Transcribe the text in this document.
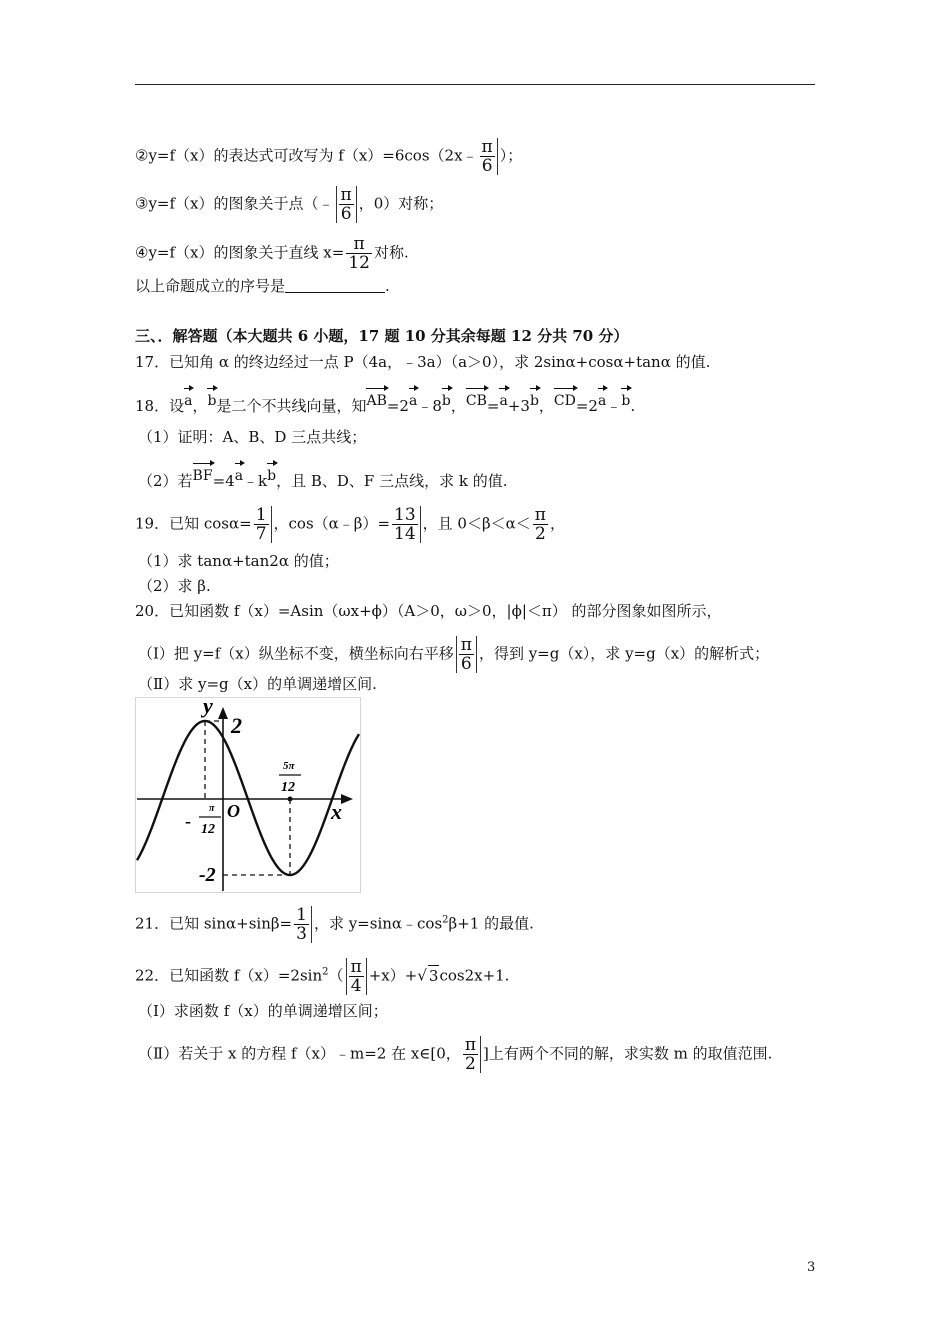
②y=f（x）的表达式可改写为 f（x）=6cos（2x﹣ $\frac{\pi}{6}$ ）；
③y=f（x）的图象关于点（﹣ $\frac{\pi}{6}$ ，0）对称；
④y=f（x）的图象关于直线 $x= \frac{\pi}{12}$ 对称.
以上命题成立的序号是	.
三、．解答题（本大题共 6 小题，17 题 10 分其余每题 12 分共 70 分）
17．已知角 α 的终边经过一点 P（4a，﹣3a）（a＞0），求 2sinα+cosα+tanα 的值.
18．设a，b是二个不共线向量，知AB=2a﹣8b，CB=a+3b，CD=2a﹣b.
（1）证明：A、B、D 三点共线；
（2）若BF=4a﹣kb，且 B、D、F 三点线，求 k 的值.
19．已知 $\cos\alpha= \frac{1}{7}$ ，cos（α﹣β）= $\frac{13}{14}$ ，且 $0<\beta<\alpha< \frac{\pi}{2}$ ，
（1）求 tanα+tan2α 的值；
（2）求 β.
20．已知函数 f（x）=Asin（ωx+ϕ）（A＞0，ω＞0，|ϕ|＜π） 的部分图象如图所示，
（Ⅰ）把 y=f（x）纵坐标不变，横坐标向右平移 $\frac{\pi}{6}$ ，得到 y=g（x），求 y=g（x）的解析式；
（Ⅱ）求 y=g（x）的单调递增区间.
y
2
x
O
-2
5π
12
-
π
12
21．已知 $\sin\alpha+\sin\beta= \frac{1}{3}$ ，求 $y=\sin\alpha﹣\cos^2\beta+1$ 的最值.
22．已知函数 $f(x)=2\sin^2( \frac{\pi}{4} +x)+√$ 3cos2x+1.
（Ⅰ）求函数 f（x）的单调递增区间；
（Ⅱ）若关于 x 的方程 f（x）﹣m=2 在 x∈[0， $\frac{\pi}{2}$ ]上有两个不同的解，求实数 m 的取值范围.
3
